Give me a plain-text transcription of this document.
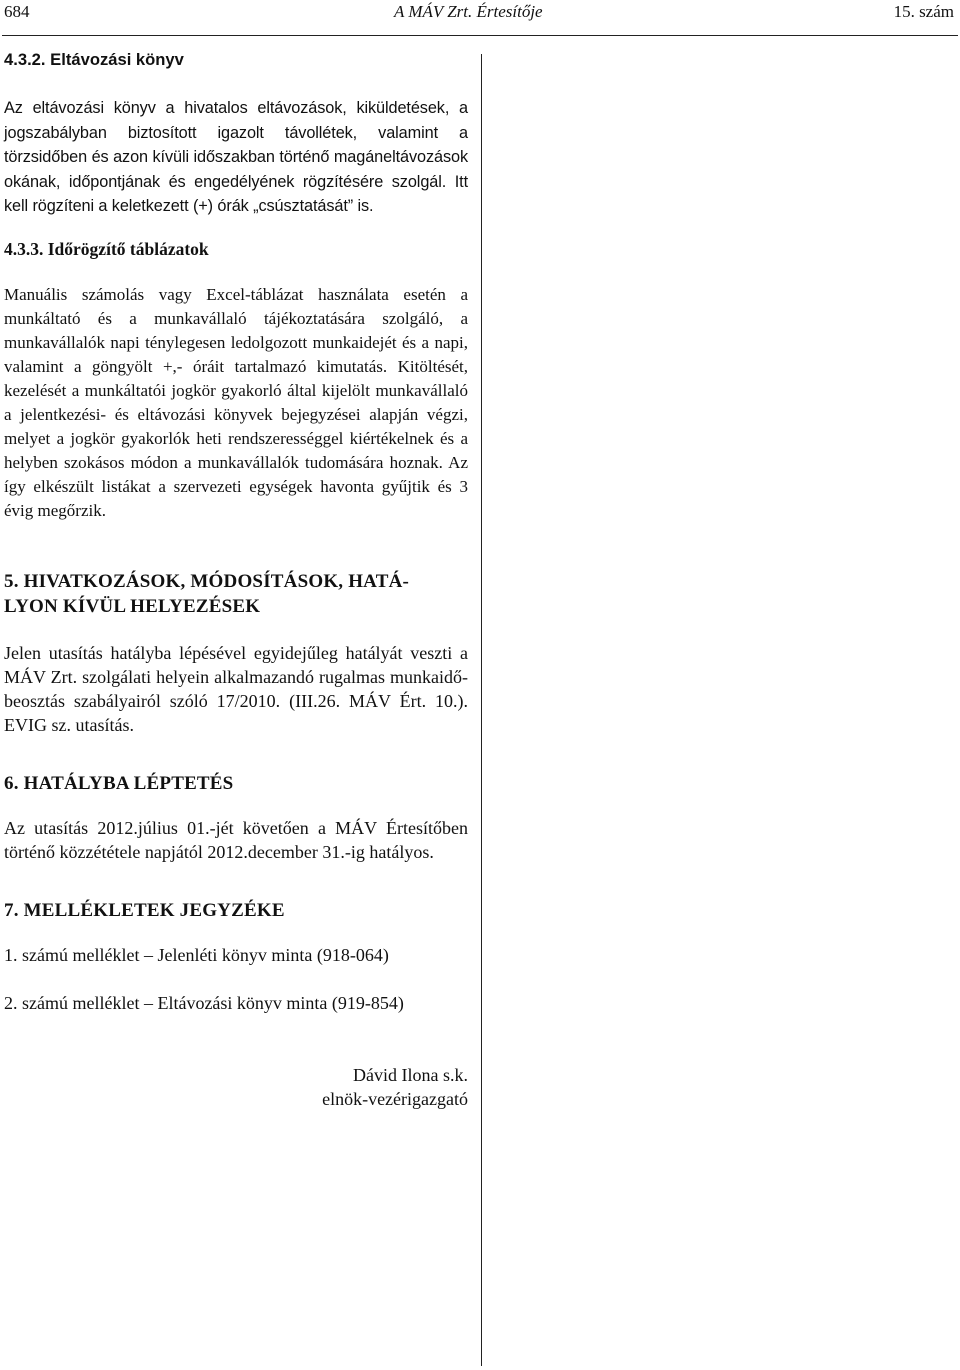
684	A MÁV Zrt. Értesítője	15. szám
4.3.2. Eltávozási könyv

Az eltávozási könyv a hivatalos eltávozások, kiküldetések, a jogszabályban biztosított igazolt távollétek, valamint a törzsidőben és azon kívüli időszakban történő magáneltávozások okának, időpontjának és engedélyének rögzítésére szolgál. Itt kell rögzíteni a keletkezett (+) órák „csúsztatását” is.

4.3.3. Időrögzítő táblázatok

Manuális számolás vagy Excel-táblázat használata esetén a munkáltató és a munkavállaló tájékoztatására szolgáló, a munkavállalók napi ténylegesen ledolgozott munkaidejét és a napi, valamint a göngyölt +,- óráit tartalmazó kimutatás. Kitöltését, kezelését a munkáltatói jogkör gyakorló által kijelölt munkavállaló a jelentkezési- és eltávozási könyvek bejegyzései alapján végzi, melyet a jogkör gyakorlók heti rendszerességgel kiértékelnek és a helyben szokásos módon a munkavállalók tudomására hoznak. Az így elkészült listákat a szervezeti egységek havonta gyűjtik és 3 évig megőrzik.

5. HIVATKOZÁSOK, MÓDOSÍTÁSOK, HATÁ-
LYON KÍVÜL HELYEZÉSEK

Jelen utasítás hatályba lépésével egyidejűleg hatályát veszti a MÁV Zrt. szolgálati helyein alkalmazandó rugalmas munkaidő-beosztás szabályairól szóló 17/2010. (III.26. MÁV Ért. 10.). EVIG sz. utasítás.

6. HATÁLYBA LÉPTETÉS

Az utasítás 2012.július 01.-jét követően a MÁV Értesítőben történő közzététele napjától 2012.december 31.-ig hatályos.

7. MELLÉKLETEK JEGYZÉKE

1. számú melléklet – Jelenléti könyv minta (918-064)

2. számú melléklet – Eltávozási könyv minta (919-854)

Dávid Ilona s.k.

elnök-vezérigazgató
